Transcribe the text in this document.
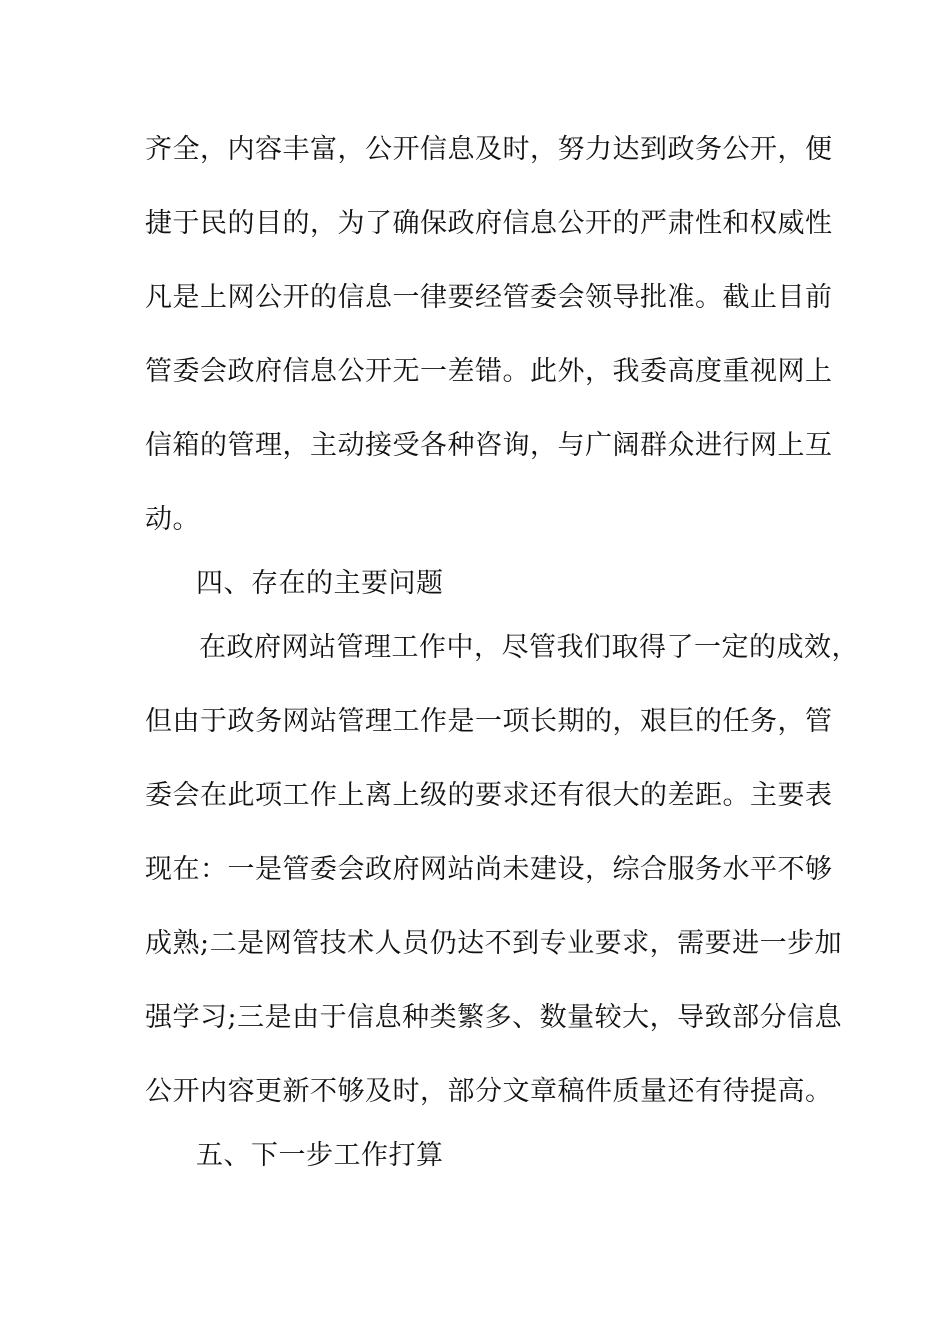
齐全，内容丰富，公开信息及时，努力达到政务公开，便

捷于民的目的，为了确保政府信息公开的严肃性和权威性

凡是上网公开的信息一律要经管委会领导批准。截止目前

管委会政府信息公开无一差错。此外，我委高度重视网上

信箱的管理，主动接受各种咨询，与广阔群众进行网上互

动。

四、存在的主要问题

在政府网站管理工作中，尽管我们取得了一定的成效，

但由于政务网站管理工作是一项长期的，艰巨的任务，管

委会在此项工作上离上级的要求还有很大的差距。主要表

现在：一是管委会政府网站尚未建设，综合服务水平不够

成熟;二是网管技术人员仍达不到专业要求，需要进一步加

强学习;三是由于信息种类繁多、数量较大，导致部分信息

公开内容更新不够及时，部分文章稿件质量还有待提高。

五、下一步工作打算
